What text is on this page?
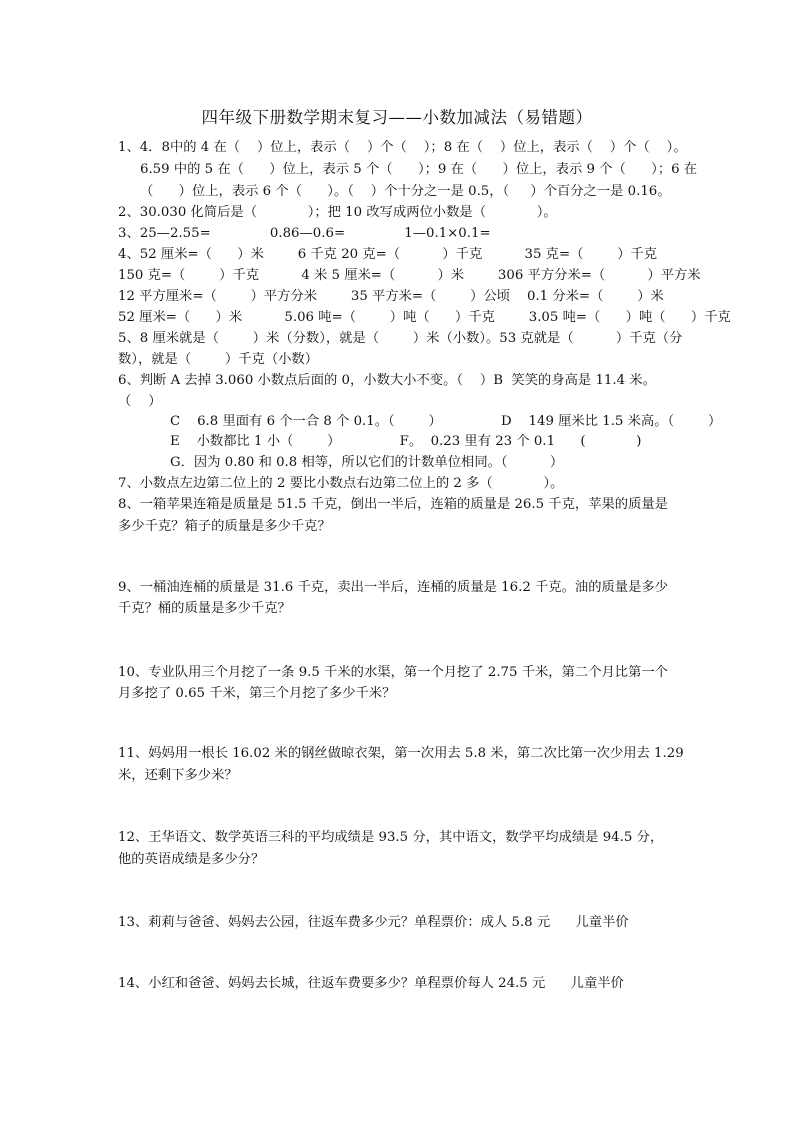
四年级下册数学期末复习——小数加减法（易错题）
1、4．8中的 4 在（    ）位上，表示（    ）个（    ）；8 在（    ）位上，表示（    ）个（    ）。
6.59 中的 5 在（      ）位上，表示 5 个（      ）；9 在（      ）位上，表示 9 个（      ）；6 在
（      ）位上，表示 6 个（      ）。（    ）个十分之一是 0.5，（     ）个百分之一是 0.16。
2、30.030 化简后是（            ）；把 10 改写成两位小数是（            ）。
3、25—2.55=              0.86—0.6=              1—0.1×0.1=
4、52 厘米=（      ）米        6 千克 20 克=（          ）千克          35 克=（        ）千克
150 克=（        ）千克          4 米 5 厘米=（          ）米        306 平方分米=（          ）平方米
12 平方厘米=（        ）平方分米        35 平方米=（        ）公顷    0.1 分米=（        ）米
52 厘米=（      ）米          5.06 吨=（        ）吨（      ）千克        3.05 吨=（      ）吨（      ）千克
5、8 厘米就是（        ）米（分数），就是（        ）米（小数）。53 克就是（          ）千克（分
数），就是（        ）千克（小数）
6、判断 A 去掉 3.060 小数点后面的 0，小数大小不变。（    ）B  笑笑的身高是 11.4 米。
（    ）
C    6.8 里面有 6 个一合 8 个 0.1。（        ）              D    149 厘米比 1.5 米高。（        ）
E    小数都比 1 小（        ）              F。  0.23 里有 23 个 0.1      (            )
G．因为 0.80 和 0.8 相等，所以它们的计数单位相同。（          ）
7、小数点左边第二位上的 2 要比小数点右边第二位上的 2 多（            ）。
8、一箱苹果连箱是质量是 51.5 千克，倒出一半后，连箱的质量是 26.5 千克，苹果的质量是
多少千克？箱子的质量是多少千克？
9、一桶油连桶的质量是 31.6 千克，卖出一半后，连桶的质量是 16.2 千克。油的质量是多少
千克？桶的质量是多少千克？
10、专业队用三个月挖了一条 9.5 千米的水渠，第一个月挖了 2.75 千米，第二个月比第一个
月多挖了 0.65 千米，第三个月挖了多少千米？
11、妈妈用一根长 16.02 米的钢丝做晾衣架，第一次用去 5.8 米，第二次比第一次少用去 1.29
米，还剩下多少米？
12、王华语文、数学英语三科的平均成绩是 93.5 分，其中语文，数学平均成绩是 94.5 分，
他的英语成绩是多少分？
13、莉莉与爸爸、妈妈去公园，往返车费多少元？单程票价：成人 5.8 元      儿童半价
14、小红和爸爸、妈妈去长城，往返车费要多少？单程票价每人 24.5 元      儿童半价
